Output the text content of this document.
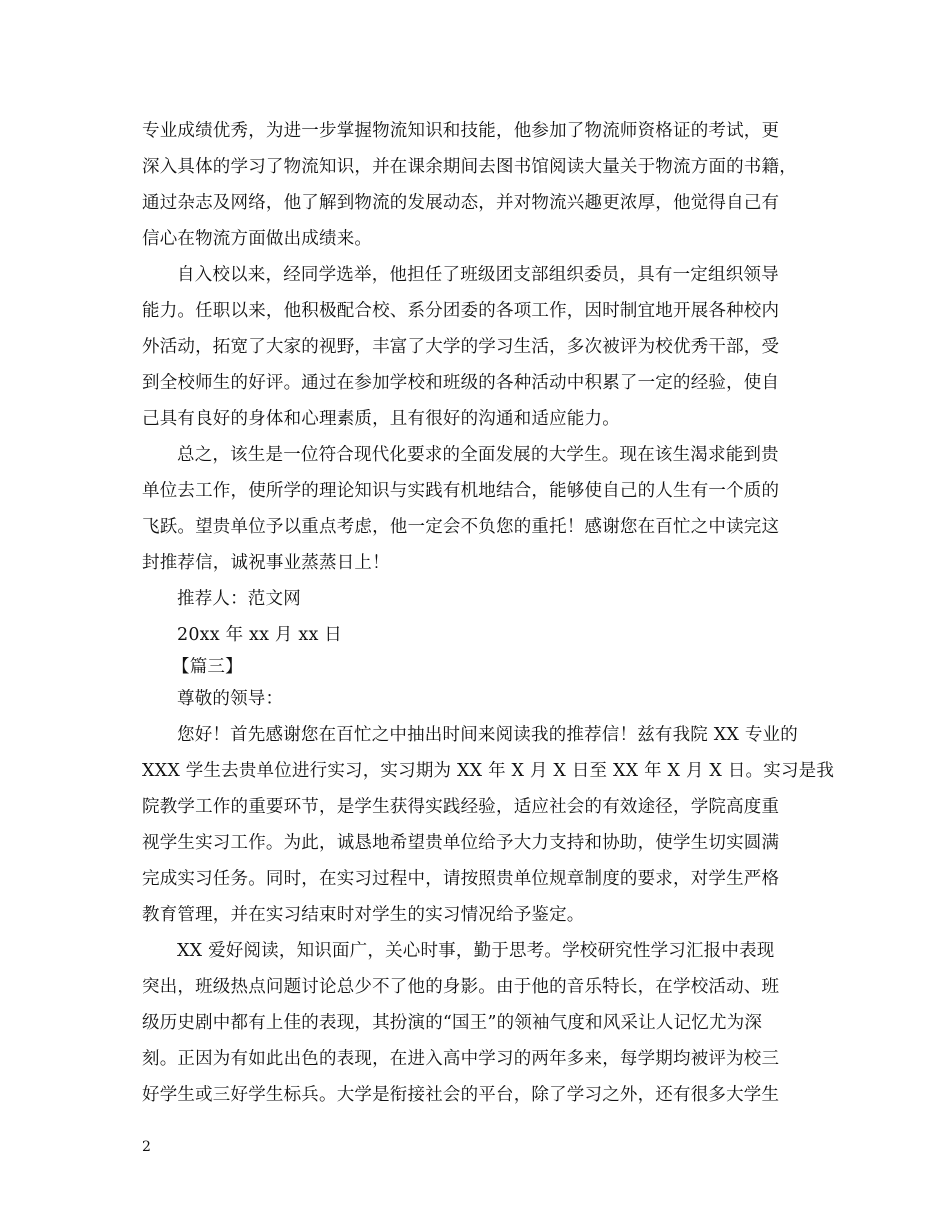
专业成绩优秀，为进一步掌握物流知识和技能，他参加了物流师资格证的考试，更
深入具体的学习了物流知识，并在课余期间去图书馆阅读大量关于物流方面的书籍，
通过杂志及网络，他了解到物流的发展动态，并对物流兴趣更浓厚，他觉得自己有
信心在物流方面做出成绩来。
自入校以来，经同学选举，他担任了班级团支部组织委员，具有一定组织领导
能力。任职以来，他积极配合校、系分团委的各项工作，因时制宜地开展各种校内
外活动，拓宽了大家的视野，丰富了大学的学习生活，多次被评为校优秀干部，受
到全校师生的好评。通过在参加学校和班级的各种活动中积累了一定的经验，使自
己具有良好的身体和心理素质，且有很好的沟通和适应能力。
总之，该生是一位符合现代化要求的全面发展的大学生。现在该生渴求能到贵
单位去工作，使所学的理论知识与实践有机地结合，能够使自己的人生有一个质的
飞跃。望贵单位予以重点考虑，他一定会不负您的重托！感谢您在百忙之中读完这
封推荐信，诚祝事业蒸蒸日上！
推荐人：范文网
20xx 年 xx 月 xx 日
【篇三】
尊敬的领导：
您好！首先感谢您在百忙之中抽出时间来阅读我的推荐信！兹有我院 XX 专业的
XXX 学生去贵单位进行实习，实习期为 XX 年 X 月 X 日至 XX 年 X 月 X 日。实习是我
院教学工作的重要环节，是学生获得实践经验，适应社会的有效途径，学院高度重
视学生实习工作。为此，诚恳地希望贵单位给予大力支持和协助，使学生切实圆满
完成实习任务。同时，在实习过程中，请按照贵单位规章制度的要求，对学生严格
教育管理，并在实习结束时对学生的实习情况给予鉴定。
XX 爱好阅读，知识面广，关心时事，勤于思考。学校研究性学习汇报中表现
突出，班级热点问题讨论总少不了他的身影。由于他的音乐特长，在学校活动、班
级历史剧中都有上佳的表现，其扮演的“国王”的领袖气度和风采让人记忆尤为深
刻。正因为有如此出色的表现，在进入高中学习的两年多来，每学期均被评为校三
好学生或三好学生标兵。大学是衔接社会的平台，除了学习之外，还有很多大学生
2
